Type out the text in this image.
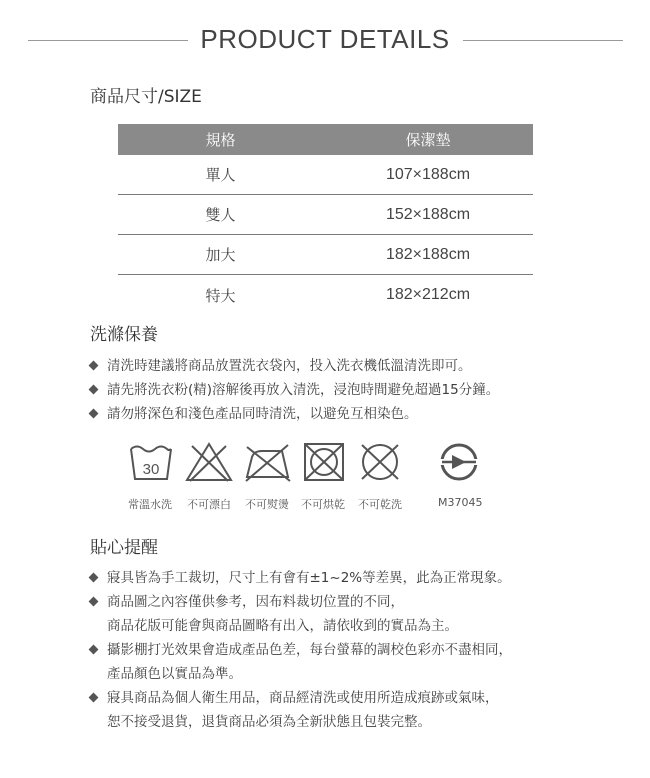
PRODUCT DETAILS
商品尺寸/SIZE
規格	保潔墊
單人	107×188cm
雙人	152×188cm
加大	182×188cm
特大	182×212cm
洗滌保養
清洗時建議將商品放置洗衣袋內，投入洗衣機低溫清洗即可。
請先將洗衣粉(精)溶解後再放入清洗，浸泡時間避免超過15分鐘。
請勿將深色和淺色產品同時清洗，以避免互相染色。
30
常溫水洗 不可漂白 不可熨燙 不可烘乾 不可乾洗	M37045
貼心提醒
寢具皆為手工裁切，尺寸上有會有±1~2%等差異，此為正常現象。
商品圖之內容僅供參考，因布料裁切位置的不同，
商品花版可能會與商品圖略有出入，請依收到的實品為主。
攝影棚打光效果會造成產品色差，每台螢幕的調校色彩亦不盡相同，
產品顏色以實品為準。
寢具商品為個人衛生用品，商品經清洗或使用所造成痕跡或氣味，
恕不接受退貨，退貨商品必須為全新狀態且包裝完整。
